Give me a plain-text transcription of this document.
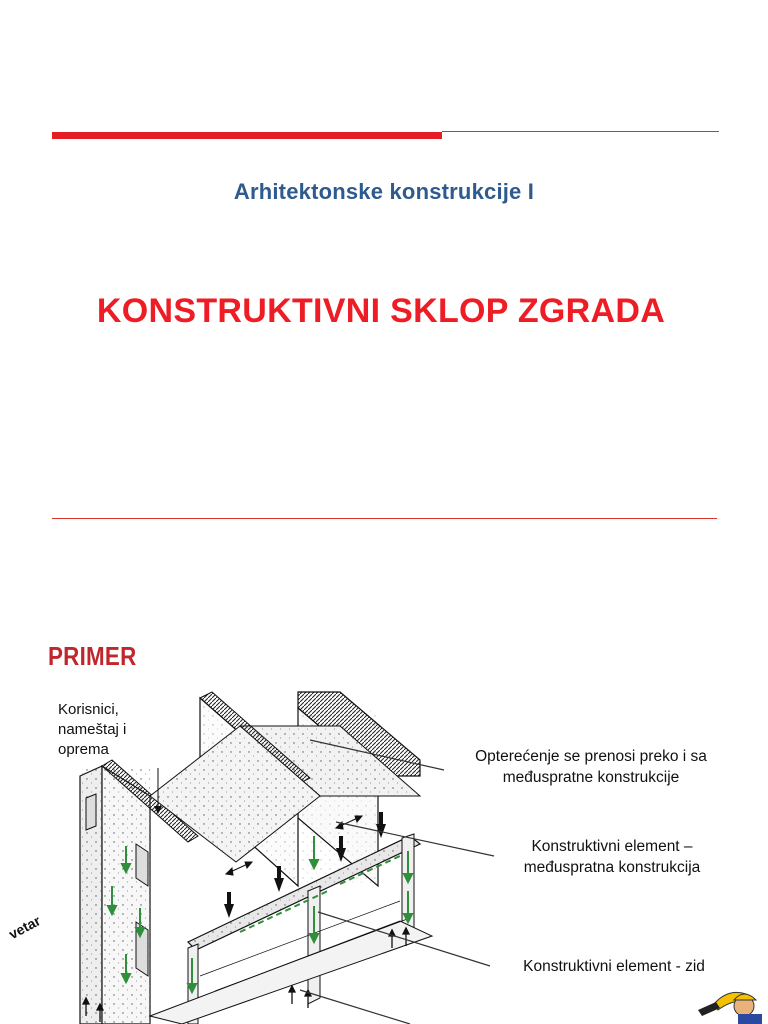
Arhitektonske konstrukcije I
KONSTRUKTIVNI SKLOP ZGRADA
PRIMER
Korisnici,
nameštaj i
oprema
vetar
Opterećenje se prenosi preko i sa
međuspratne konstrukcije
Konstruktivni element –
međuspratna konstrukcija
Konstruktivni element - zid
